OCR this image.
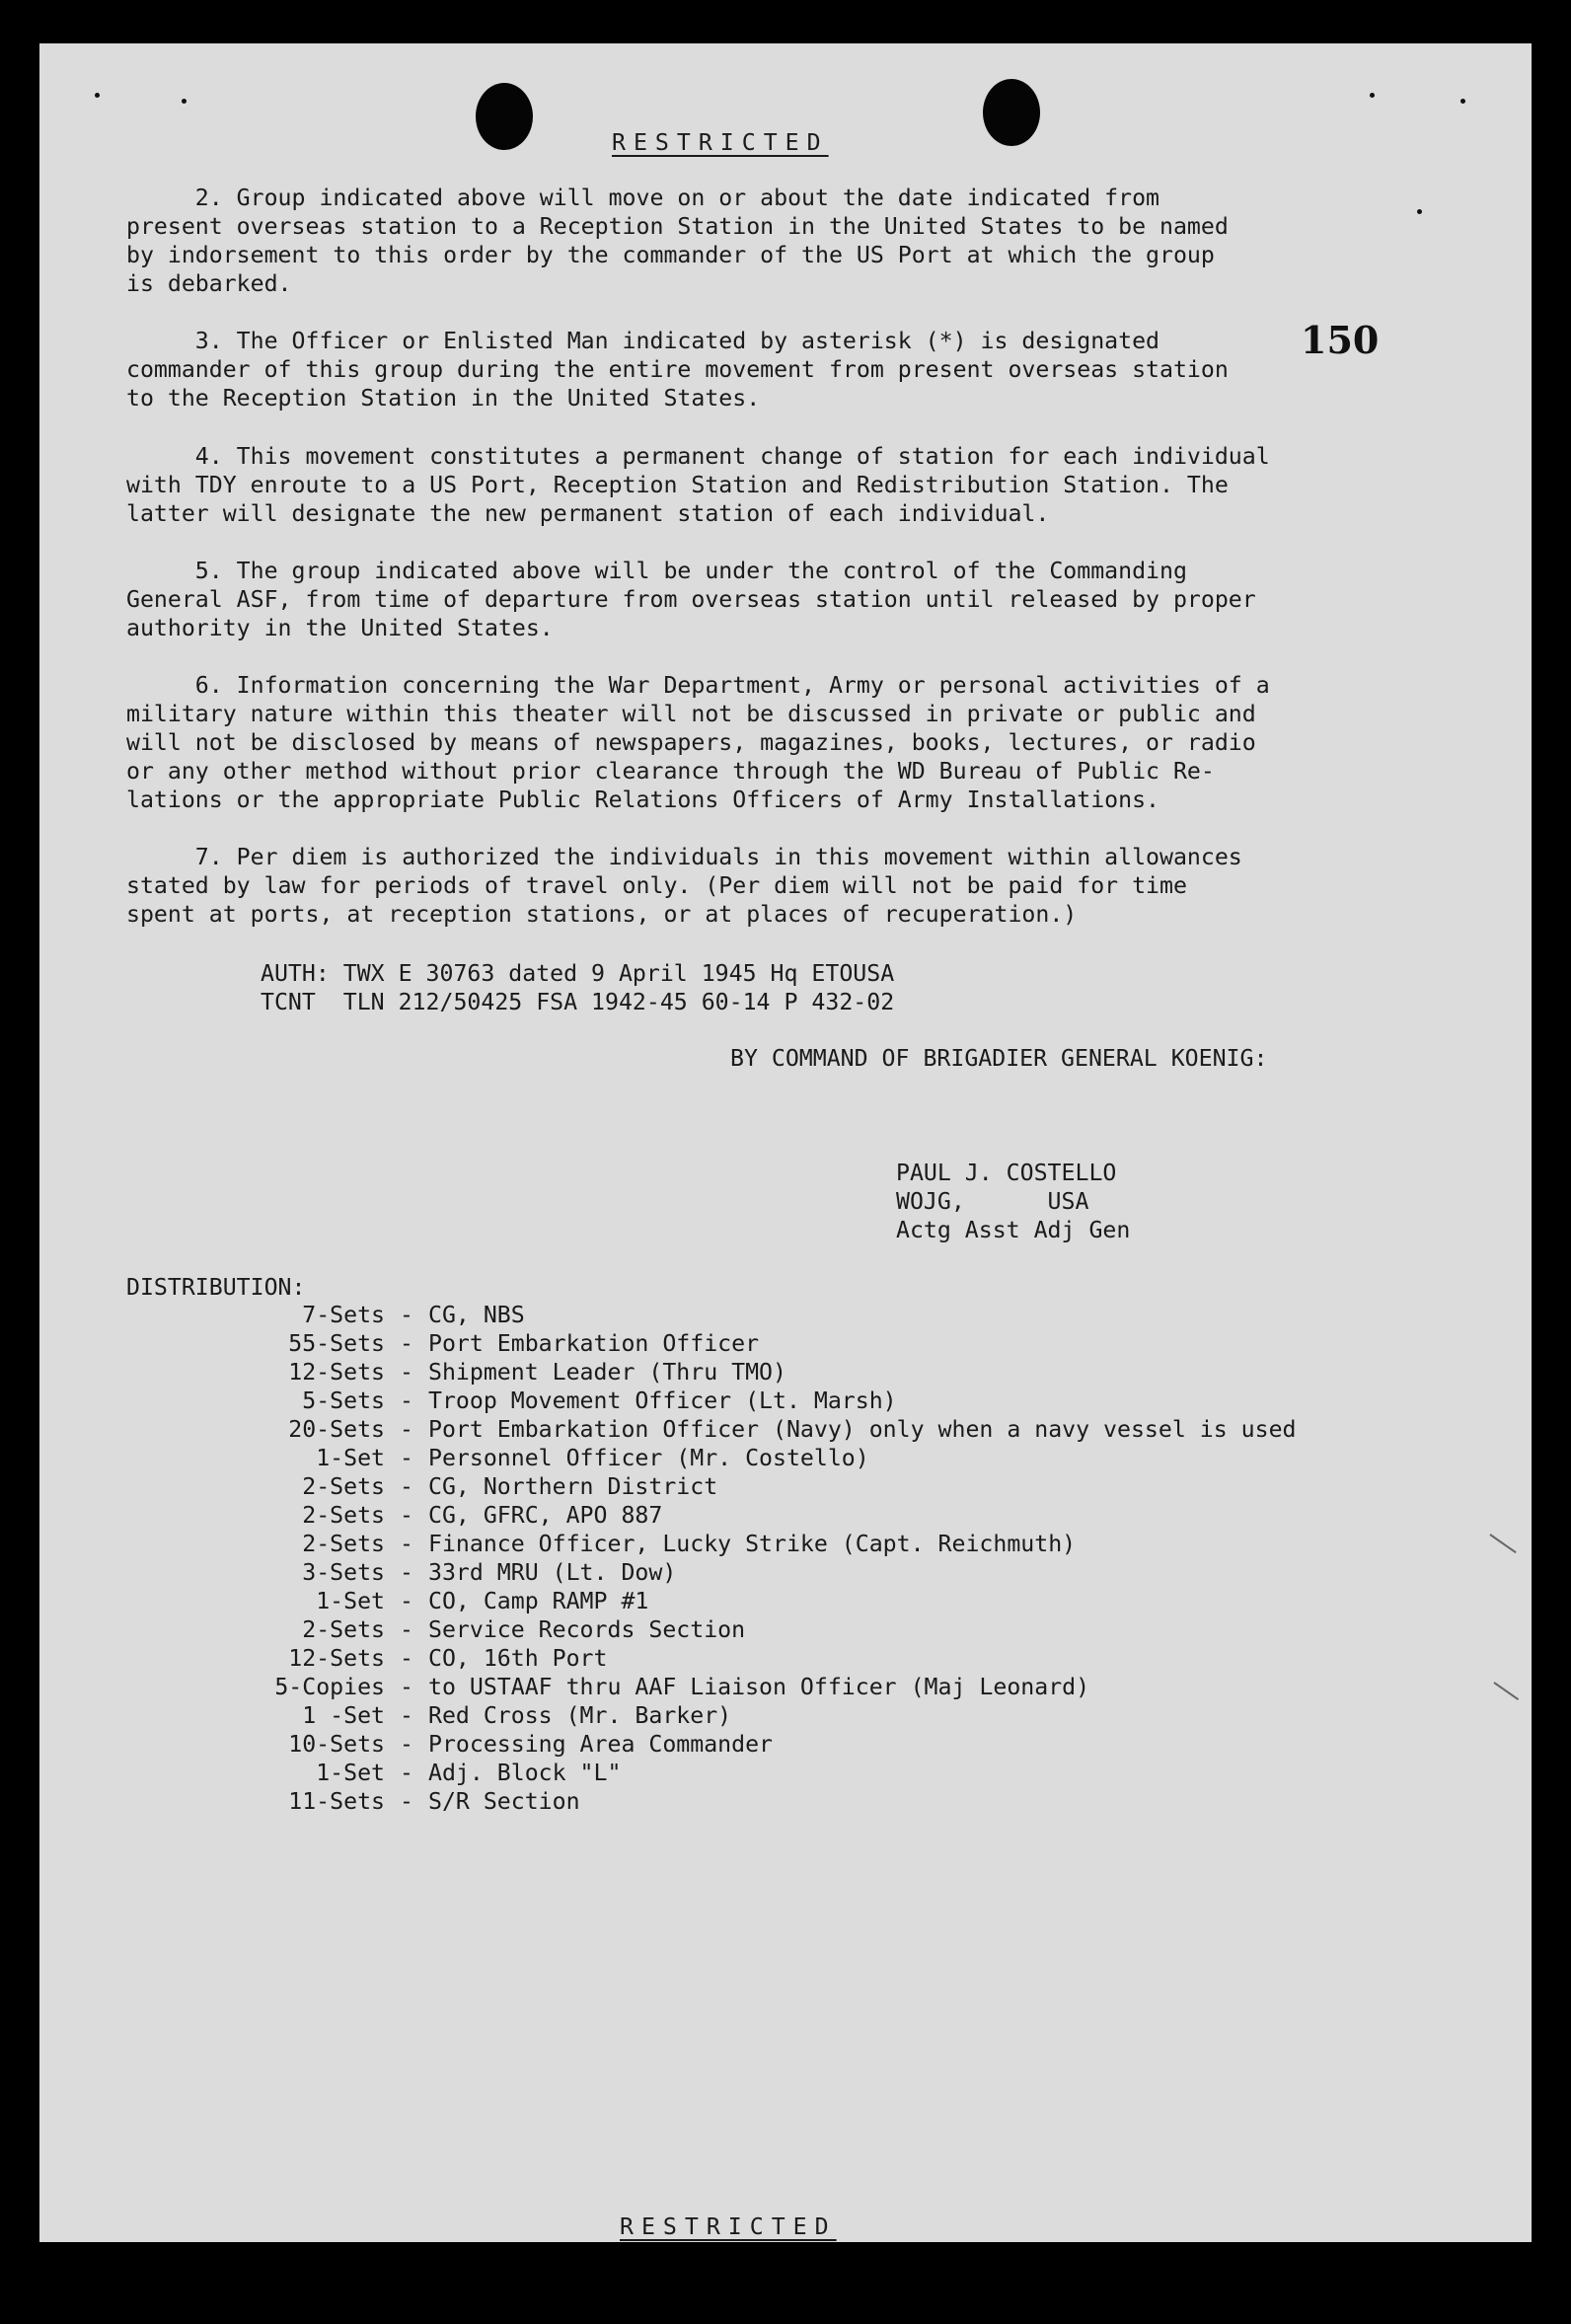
RESTRICTED
150
2. Group indicated above will move on or about the date indicated from
present overseas station to a Reception Station in the United States to be named
by indorsement to this order by the commander of the US Port at which the group
is debarked.
3. The Officer or Enlisted Man indicated by asterisk (*) is designated
commander of this group during the entire movement from present overseas station
to the Reception Station in the United States.
4. This movement constitutes a permanent change of station for each individual
with TDY enroute to a US Port, Reception Station and Redistribution Station. The
latter will designate the new permanent station of each individual.
5. The group indicated above will be under the control of the Commanding
General ASF, from time of departure from overseas station until released by proper
authority in the United States.
6. Information concerning the War Department, Army or personal activities of a
military nature within this theater will not be discussed in private or public and
will not be disclosed by means of newspapers, magazines, books, lectures, or radio
or any other method without prior clearance through the WD Bureau of Public Re-
lations or the appropriate Public Relations Officers of Army Installations.
7. Per diem is authorized the individuals in this movement within allowances
stated by law for periods of travel only. (Per diem will not be paid for time
spent at ports, at reception stations, or at places of recuperation.)
AUTH: TWX E 30763 dated 9 April 1945 Hq ETOUSA
TCNT  TLN 212/50425 FSA 1942-45 60-14 P 432-02
BY COMMAND OF BRIGADIER GENERAL KOENIG:
PAUL J. COSTELLO
WOJG,      USA
Actg Asst Adj Gen
DISTRIBUTION:
7-Sets - CG, NBS
55-Sets - Port Embarkation Officer
12-Sets - Shipment Leader (Thru TMO)
5-Sets - Troop Movement Officer (Lt. Marsh)
20-Sets - Port Embarkation Officer (Navy) only when a navy vessel is used
1-Set - Personnel Officer (Mr. Costello)
2-Sets - CG, Northern District
2-Sets - CG, GFRC, APO 887
2-Sets - Finance Officer, Lucky Strike (Capt. Reichmuth)
3-Sets - 33rd MRU (Lt. Dow)
1-Set - CO, Camp RAMP #1
2-Sets - Service Records Section
12-Sets - CO, 16th Port
5-Copies - to USTAAF thru AAF Liaison Officer (Maj Leonard)
1 -Set - Red Cross (Mr. Barker)
10-Sets - Processing Area Commander
1-Set - Adj. Block "L"
11-Sets - S/R Section
RESTRICTED
